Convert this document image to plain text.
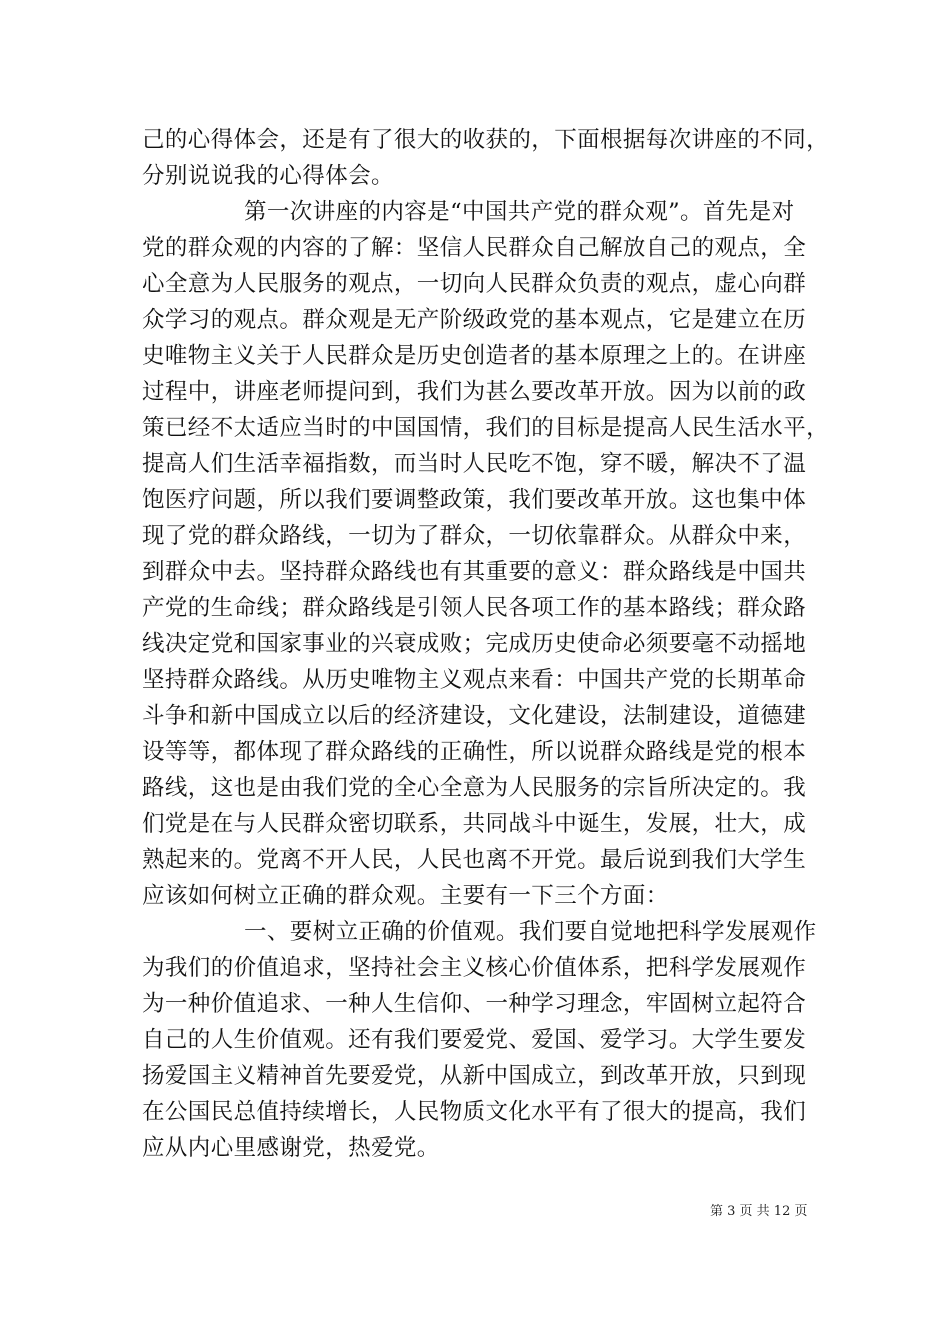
己的心得体会，还是有了很大的收获的，下面根据每次讲座的不同，
分别说说我的心得体会。
第一次讲座的内容是“中国共产党的群众观”。首先是对
党的群众观的内容的了解：坚信人民群众自己解放自己的观点，全
心全意为人民服务的观点，一切向人民群众负责的观点，虚心向群
众学习的观点。群众观是无产阶级政党的基本观点，它是建立在历
史唯物主义关于人民群众是历史创造者的基本原理之上的。在讲座
过程中，讲座老师提问到，我们为甚么要改革开放。因为以前的政
策已经不太适应当时的中国国情，我们的目标是提高人民生活水平，
提高人们生活幸福指数，而当时人民吃不饱，穿不暖，解决不了温
饱医疗问题，所以我们要调整政策，我们要改革开放。这也集中体
现了党的群众路线，一切为了群众，一切依靠群众。从群众中来，
到群众中去。坚持群众路线也有其重要的意义：群众路线是中国共
产党的生命线；群众路线是引领人民各项工作的基本路线；群众路
线决定党和国家事业的兴衰成败；完成历史使命必须要毫不动摇地
坚持群众路线。从历史唯物主义观点来看：中国共产党的长期革命
斗争和新中国成立以后的经济建设，文化建设，法制建设，道德建
设等等，都体现了群众路线的正确性，所以说群众路线是党的根本
路线，这也是由我们党的全心全意为人民服务的宗旨所决定的。我
们党是在与人民群众密切联系，共同战斗中诞生，发展，壮大，成
熟起来的。党离不开人民，人民也离不开党。最后说到我们大学生
应该如何树立正确的群众观。主要有一下三个方面：
一、要树立正确的价值观。我们要自觉地把科学发展观作
为我们的价值追求，坚持社会主义核心价值体系，把科学发展观作
为一种价值追求、一种人生信仰、一种学习理念，牢固树立起符合
自己的人生价值观。还有我们要爱党、爱国、爱学习。大学生要发
扬爱国主义精神首先要爱党，从新中国成立，到改革开放，只到现
在公国民总值持续增长，人民物质文化水平有了很大的提高，我们
应从内心里感谢党，热爱党。
第 3 页 共 12 页
